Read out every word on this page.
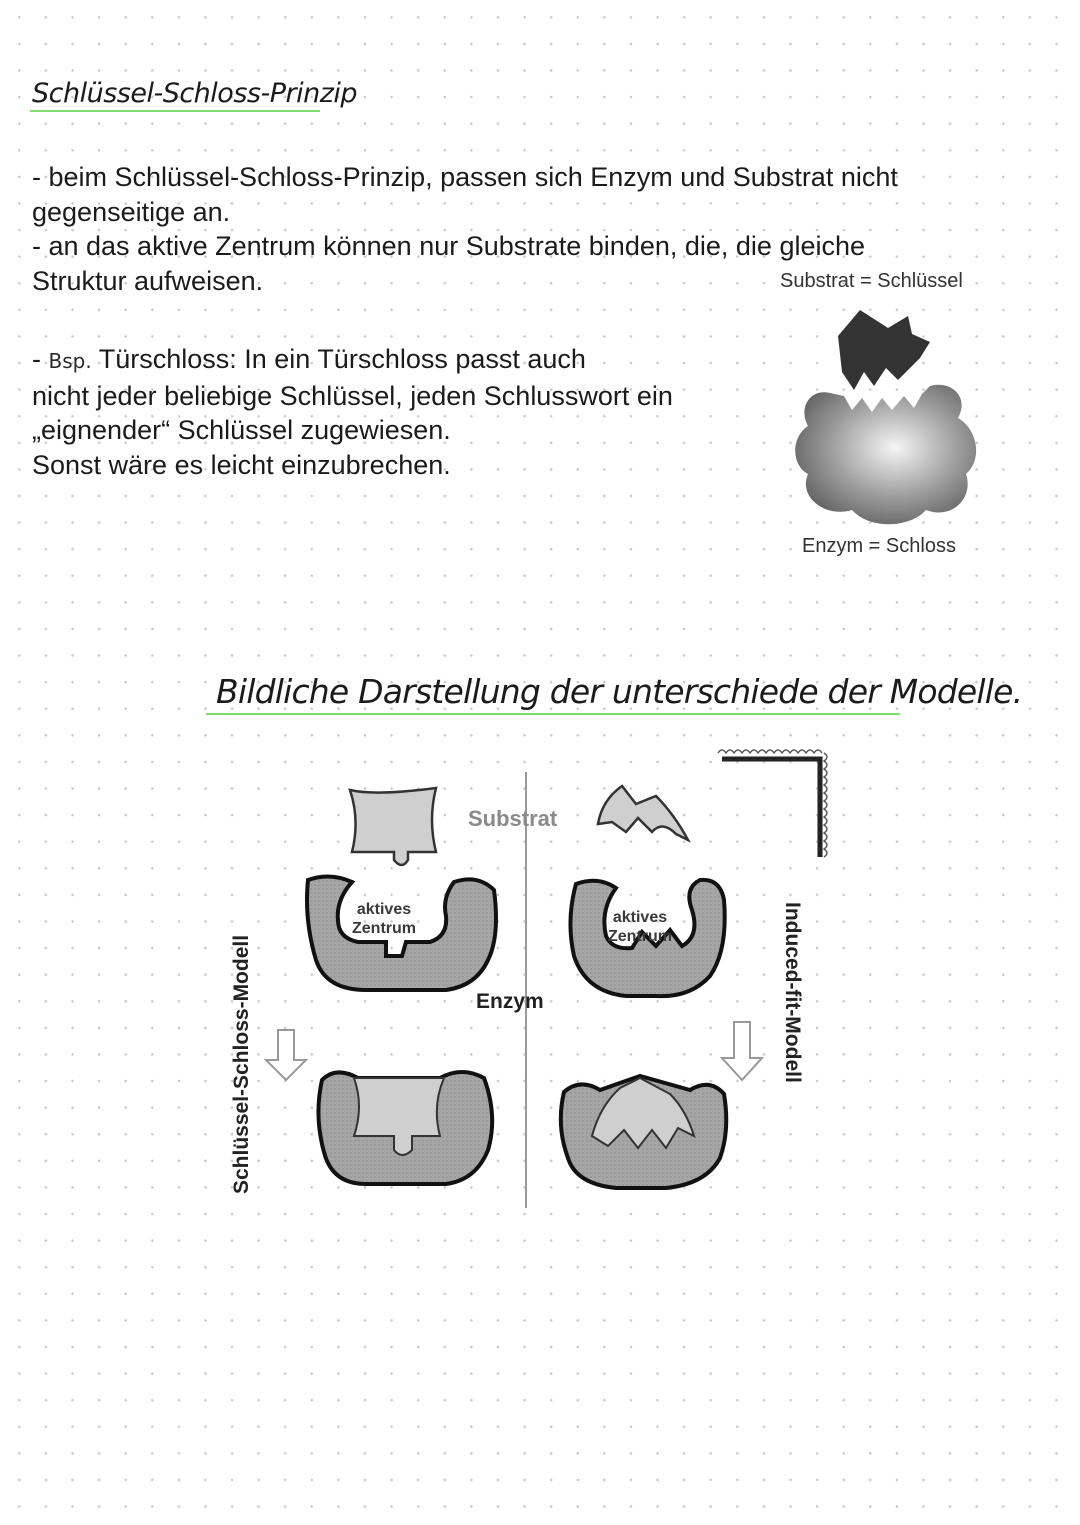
Schlüssel-Schloss-Prinzip
- beim Schlüssel-Schloss-Prinzip, passen sich Enzym und Substrat nicht
gegenseitige an.
- an das aktive Zentrum können nur Substrate binden, die, die gleiche
Struktur aufweisen.
- Bsp. Türschloss: In ein Türschloss passt auch
nicht jeder beliebige Schlüssel, jeden Schlusswort ein
„eignender“ Schlüssel zugewiesen.
Sonst wäre es leicht einzubrechen.
Substrat = Schlüssel
Enzym = Schloss
Bildliche Darstellung der unterschiede der Modelle.
Substrat
Enzym
aktives
Zentrum
aktives
Zentrum
Schlüssel-Schloss-Modell	Induced-fit-Modell
